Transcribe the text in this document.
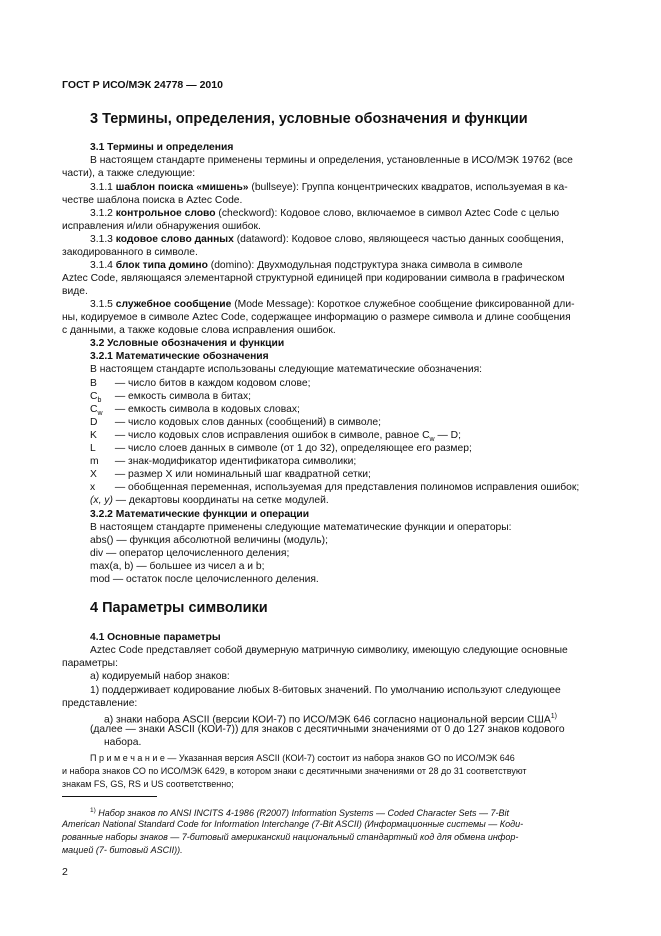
ГОСТ Р ИСО/МЭК 24778 — 2010
3 Термины, определения, условные обозначения и функции
3.1 Термины и определения
В настоящем стандарте применены термины и определения, установленные в ИСО/МЭК 19762 (все
части), а также следующие:
3.1.1 шаблон поиска «мишень» (bullseye): Группа концентрических квадратов, используемая в ка-
честве шаблона поиска в Aztec Code.
3.1.2 контрольное слово (checkword): Кодовое слово, включаемое в символ Aztec Code с целью
исправления и/или обнаружения ошибок.
3.1.3 кодовое слово данных (dataword): Кодовое слово, являющееся частью данных сообщения,
закодированного в символе.
3.1.4 блок типа домино (domino): Двухмодульная подструктура знака символа в символе
Aztec Code, являющаяся элементарной структурной единицей при кодировании символа в графическом
виде.
3.1.5 служебное сообщение (Mode Message): Короткое служебное сообщение фиксированной дли-
ны, кодируемое в символе Aztec Code, содержащее информацию о размере символа и длине сообщения
с данными, а также кодовые слова исправления ошибок.
3.2 Условные обозначения и функции
3.2.1 Математические обозначения
В настоящем стандарте использованы следующие математические обозначения:
B — число битов в каждом кодовом слове;
$C_b$ — емкость символа в битах;
$C_w$ — емкость символа в кодовых словах;
D — число кодовых слов данных (сообщений) в символе;
K — число кодовых слов исправления ошибок в символе, равное $C_w$ — D;
L — число слоев данных в символе (от 1 до 32), определяющее его размер;
m — знак-модификатор идентификатора символики;
X — размер X или номинальный шаг квадратной сетки;
x — обобщенная переменная, используемая для представления полиномов исправления ошибок;
(x, y) — декартовы координаты на сетке модулей.
3.2.2 Математические функции и операции
В настоящем стандарте применены следующие математические функции и операторы:
abs() — функция абсолютной величины (модуль);
div — оператор целочисленного деления;
max(a, b) — большее из чисел a и b;
mod — остаток после целочисленного деления.
4 Параметры символики
4.1 Основные параметры
Aztec Code представляет собой двумерную матричную символику, имеющую следующие основные
параметры:
а) кодируемый набор знаков:
1) поддерживает кодирование любых 8-битовых значений. По умолчанию используют следующее
представление:
а) знаки набора ASCII (версии КОИ-7) по ИСО/МЭК 646 согласно национальной версии США$^{1)}$
(далее — знаки ASCII (КОИ-7)) для знаков с десятичными значениями от 0 до 127 знаков кодового
набора.
П р и м е ч а н и е — Указанная версия ASCII (КОИ-7) состоит из набора знаков GO по ИСО/МЭК 646
и набора знаков СО по ИСО/МЭК 6429, в котором знаки с десятичными значениями от 28 до 31 соответствуют
знакам FS, GS, RS и US соответственно;
$^{1)}$ Набор знаков по ANSI INCITS 4-1986 (R2007) Information Systems — Coded Character Sets — 7-Bit
American National Standard Code for Information Interchange (7-Bit ASCII) (Информационные системы — Коди-
рованные наборы знаков — 7-битовый американский национальный стандартный код для обмена инфор-
мацией (7- битовый ASCII)).
2
